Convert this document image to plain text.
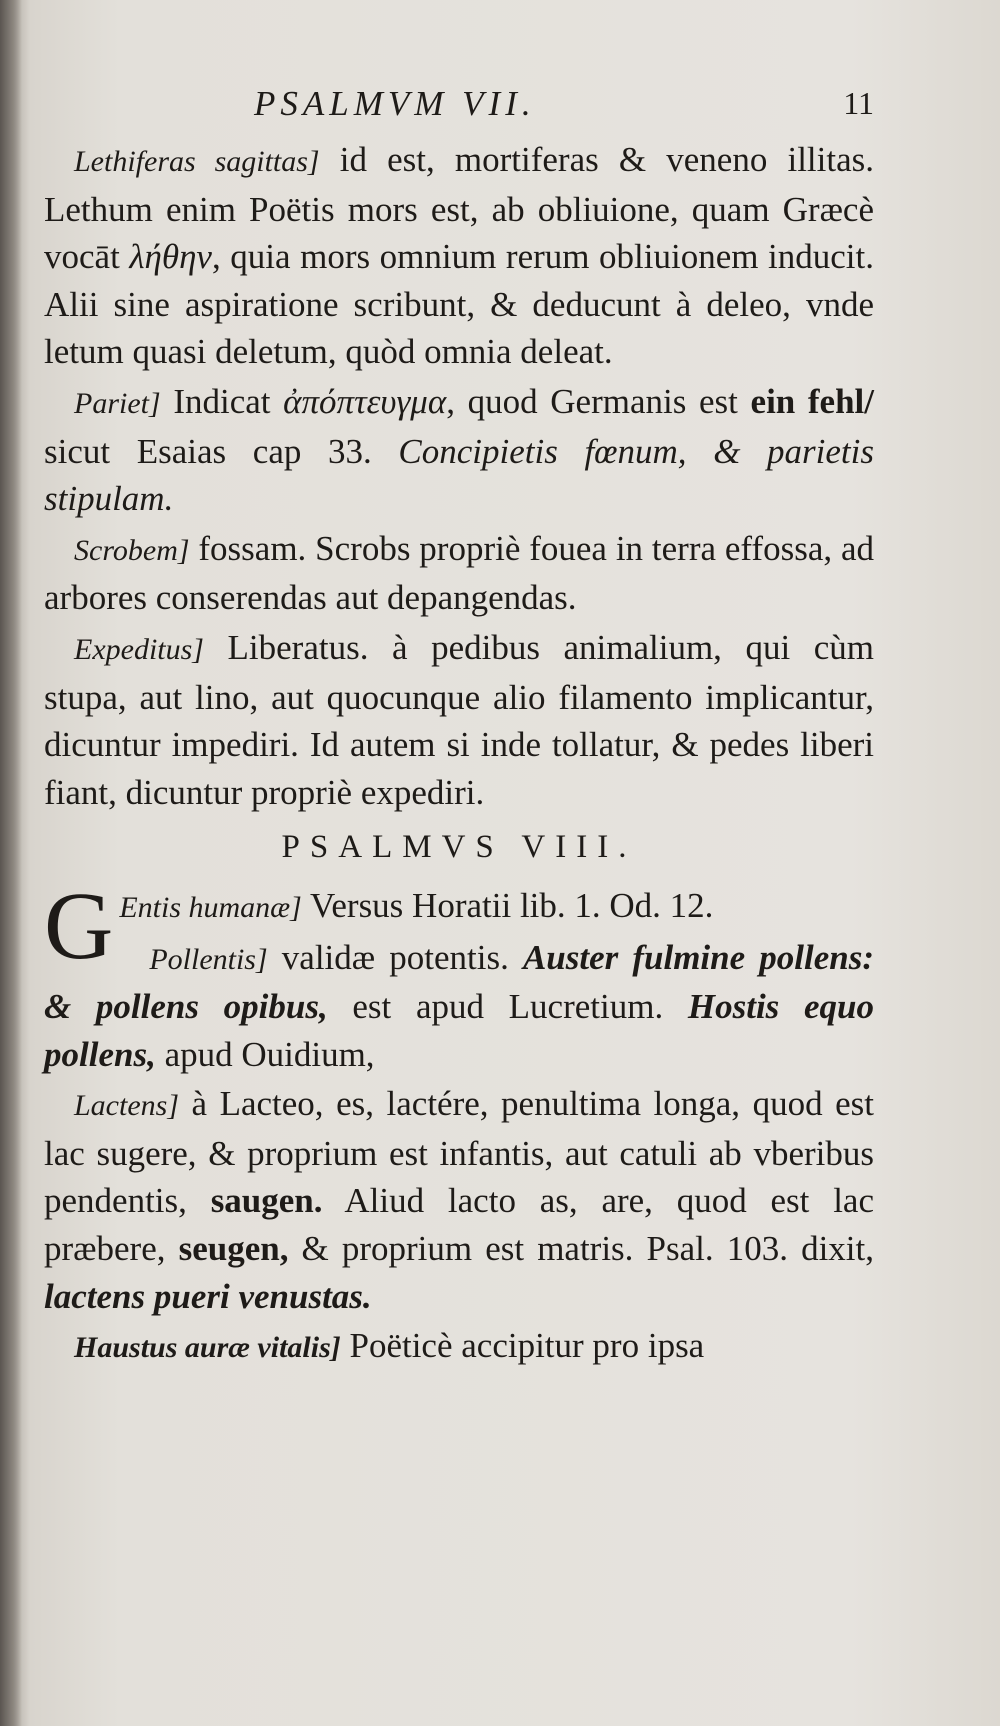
PSALMVM VII.	11

Lethiferas sagittas] id est, mortiferas & veneno illitas. Lethum enim Poëtis mors est, ab obliuione, quam Græcè vocāt λήθην, quia mors omnium rerum obliuionem inducit. Alii sine aspiratione scribunt, & deducunt à deleo, vnde letum quasi deletum, quòd omnia deleat.

Pariet] Indicat ἀπόπτευγμα, quod Germanis est ein fehl/ sicut Esaias cap 33. Concipietis fœnum, & parietis stipulam.

Scrobem] fossam. Scrobs propriè fouea in terra effossa, ad arbores conserendas aut depangendas.

Expeditus] Liberatus. à pedibus animalium, qui cùm stupa, aut lino, aut quocunque alio filamento implicantur, dicuntur impediri. Id autem si inde tollatur, & pedes liberi fiant, dicuntur propriè expediri.

PSALMVS VIII.

G Entis humanæ] Versus Horatii lib. 1. Od. 12.

Pollentis] validæ potentis. Auster fulmine pollens: & pollens opibus, est apud Lucretium. Hostis equo pollens, apud Ouidium,

Lactens] à Lacteo, es, lactére, penultima longa, quod est lac sugere, & proprium est infantis, aut catuli ab vberibus pendentis, saugen. Aliud lacto as, are, quod est lac præbere, seugen, & proprium est matris. Psal. 103. dixit, lactens pueri venustas.

Haustus auræ vitalis] Poëticè accipitur pro ipsa
